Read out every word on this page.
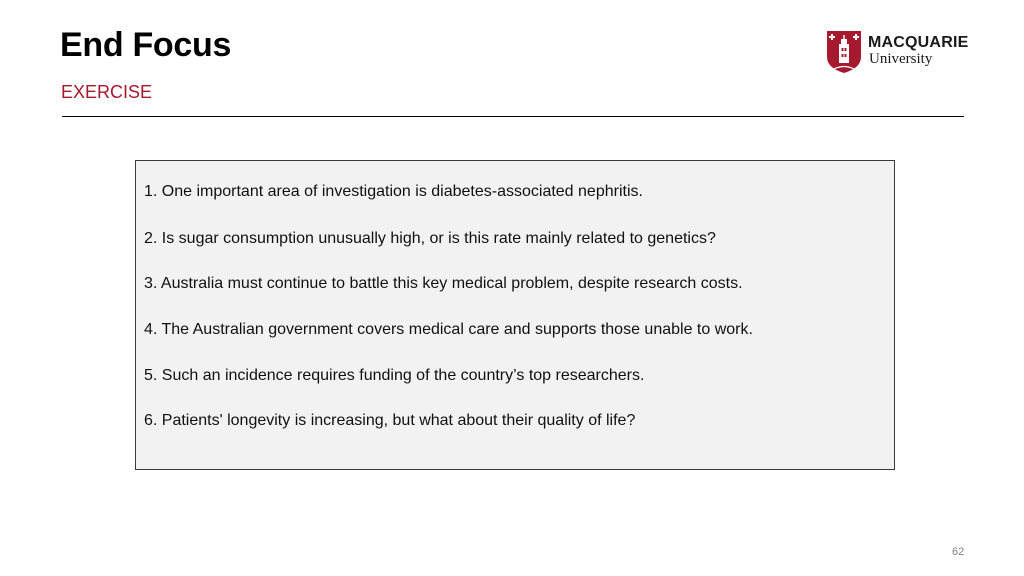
End Focus
EXERCISE
MACQUARIE
University
1. One important area of investigation is diabetes-associated nephritis.
2. Is sugar consumption unusually high, or is this rate mainly related to genetics?
3. Australia must continue to battle this key medical problem, despite research costs.
4. The Australian government covers medical care and supports those unable to work.
5. Such an incidence requires funding of the country’s top researchers.
6. Patients' longevity is increasing, but what about their quality of life?
62
